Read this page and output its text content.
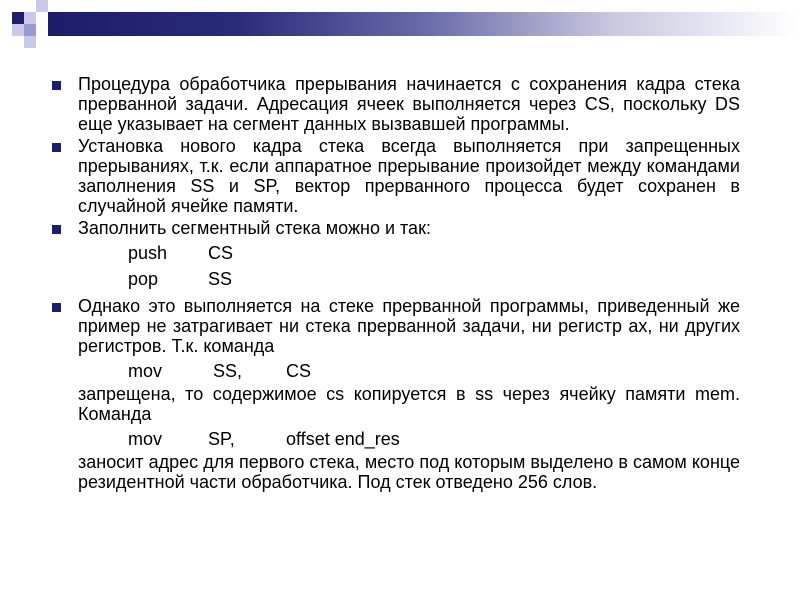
Процедура обработчика прерывания начинается с сохранения кадра стека прерванной задачи. Адресация ячеек выполняется через CS, поскольку DS еще указывает на сегмент данных вызвавшей программы.
Установка нового кадра стека всегда выполняется при запрещенных прерываниях, т.к. если аппаратное прерывание произойдет между командами заполнения SS и SP, вектор прерванного процесса будет сохранен в случайной ячейке памяти.
Заполнить сегментный стека можно и так:
push	CS
pop	SS
Однако это выполняется на стеке прерванной программы, приведенный же пример не затрагивает ни стека прерванной задачи, ни регистр ax, ни других регистров. Т.к. команда
mov	SS,	CS
запрещена, то содержимое cs копируется в ss через ячейку памяти mem. Команда
mov	SP,	offset end_res
заносит адрес для первого стека, место под которым выделено в самом конце резидентной части обработчика. Под стек отведено 256 слов.
